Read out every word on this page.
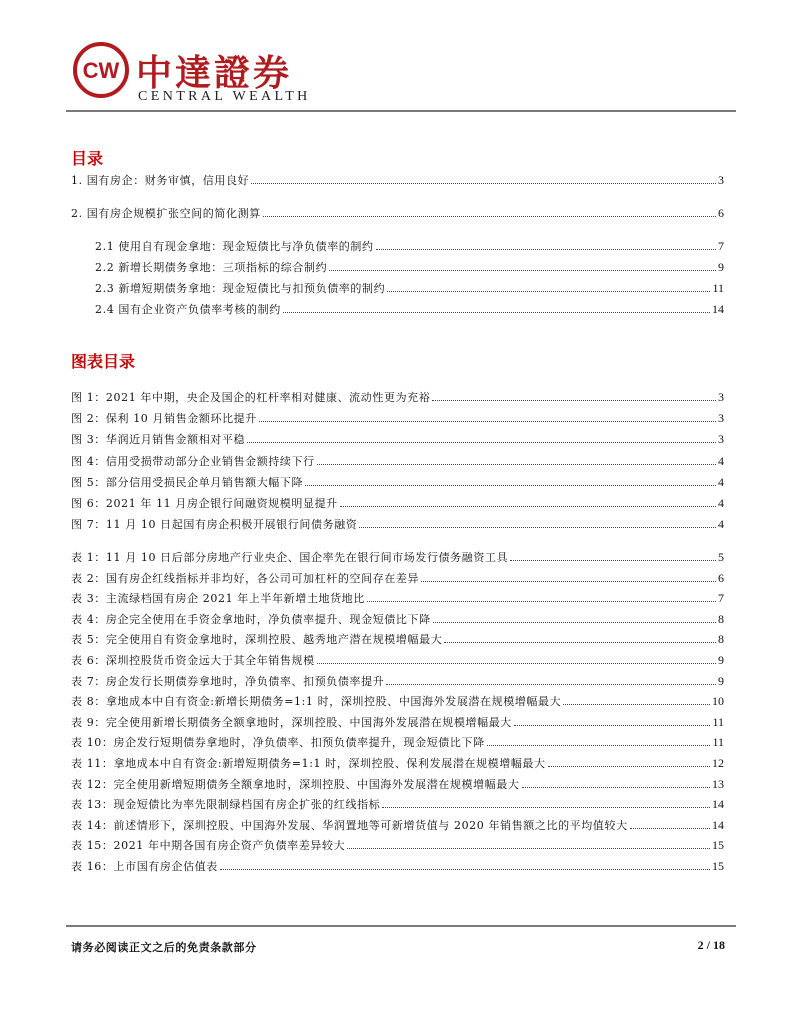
CW 中達證券
CENTRAL WEALTH
目录
1. 国有房企：财务审慎，信用良好	3
2. 国有房企规模扩张空间的简化测算	6
2.1 使用自有现金拿地：现金短债比与净负债率的制约	7
2.2 新增长期债务拿地：三项指标的综合制约	9
2.3 新增短期债务拿地：现金短债比与扣预负债率的制约	11
2.4 国有企业资产负债率考核的制约	14
图表目录
图 1：2021 年中期，央企及国企的杠杆率相对健康、流动性更为充裕	3
图 2：保利 10 月销售金额环比提升	3
图 3：华润近月销售金额相对平稳	3
图 4：信用受损带动部分企业销售金额持续下行	4
图 5：部分信用受损民企单月销售额大幅下降	4
图 6：2021 年 11 月房企银行间融资规模明显提升	4
图 7：11 月 10 日起国有房企积极开展银行间债务融资	4
表 1：11 月 10 日后部分房地产行业央企、国企率先在银行间市场发行债务融资工具	5
表 2：国有房企红线指标并非均好，各公司可加杠杆的空间存在差异	6
表 3：主流绿档国有房企 2021 年上半年新增土地货地比	7
表 4：房企完全使用在手资金拿地时，净负债率提升、现金短债比下降	8
表 5：完全使用自有资金拿地时，深圳控股、越秀地产潜在规模增幅最大	8
表 6：深圳控股货币资金远大于其全年销售规模	9
表 7：房企发行长期债券拿地时，净负债率、扣预负债率提升	9
表 8：拿地成本中自有资金:新增长期债务=1:1 时，深圳控股、中国海外发展潜在规模增幅最大	10
表 9：完全使用新增长期债务全额拿地时，深圳控股、中国海外发展潜在规模增幅最大	11
表 10：房企发行短期债券拿地时，净负债率、扣预负债率提升，现金短债比下降	11
表 11：拿地成本中自有资金:新增短期债务=1:1 时，深圳控股、保利发展潜在规模增幅最大	12
表 12：完全使用新增短期债务全额拿地时，深圳控股、中国海外发展潜在规模增幅最大	13
表 13：现金短债比为率先限制绿档国有房企扩张的红线指标	14
表 14：前述情形下，深圳控股、中国海外发展、华润置地等可新增货值与 2020 年销售额之比的平均值较大	14
表 15：2021 年中期各国有房企资产负债率差异较大	15
表 16：上市国有房企估值表	15
请务必阅读正文之后的免责条款部分	2 / 18
